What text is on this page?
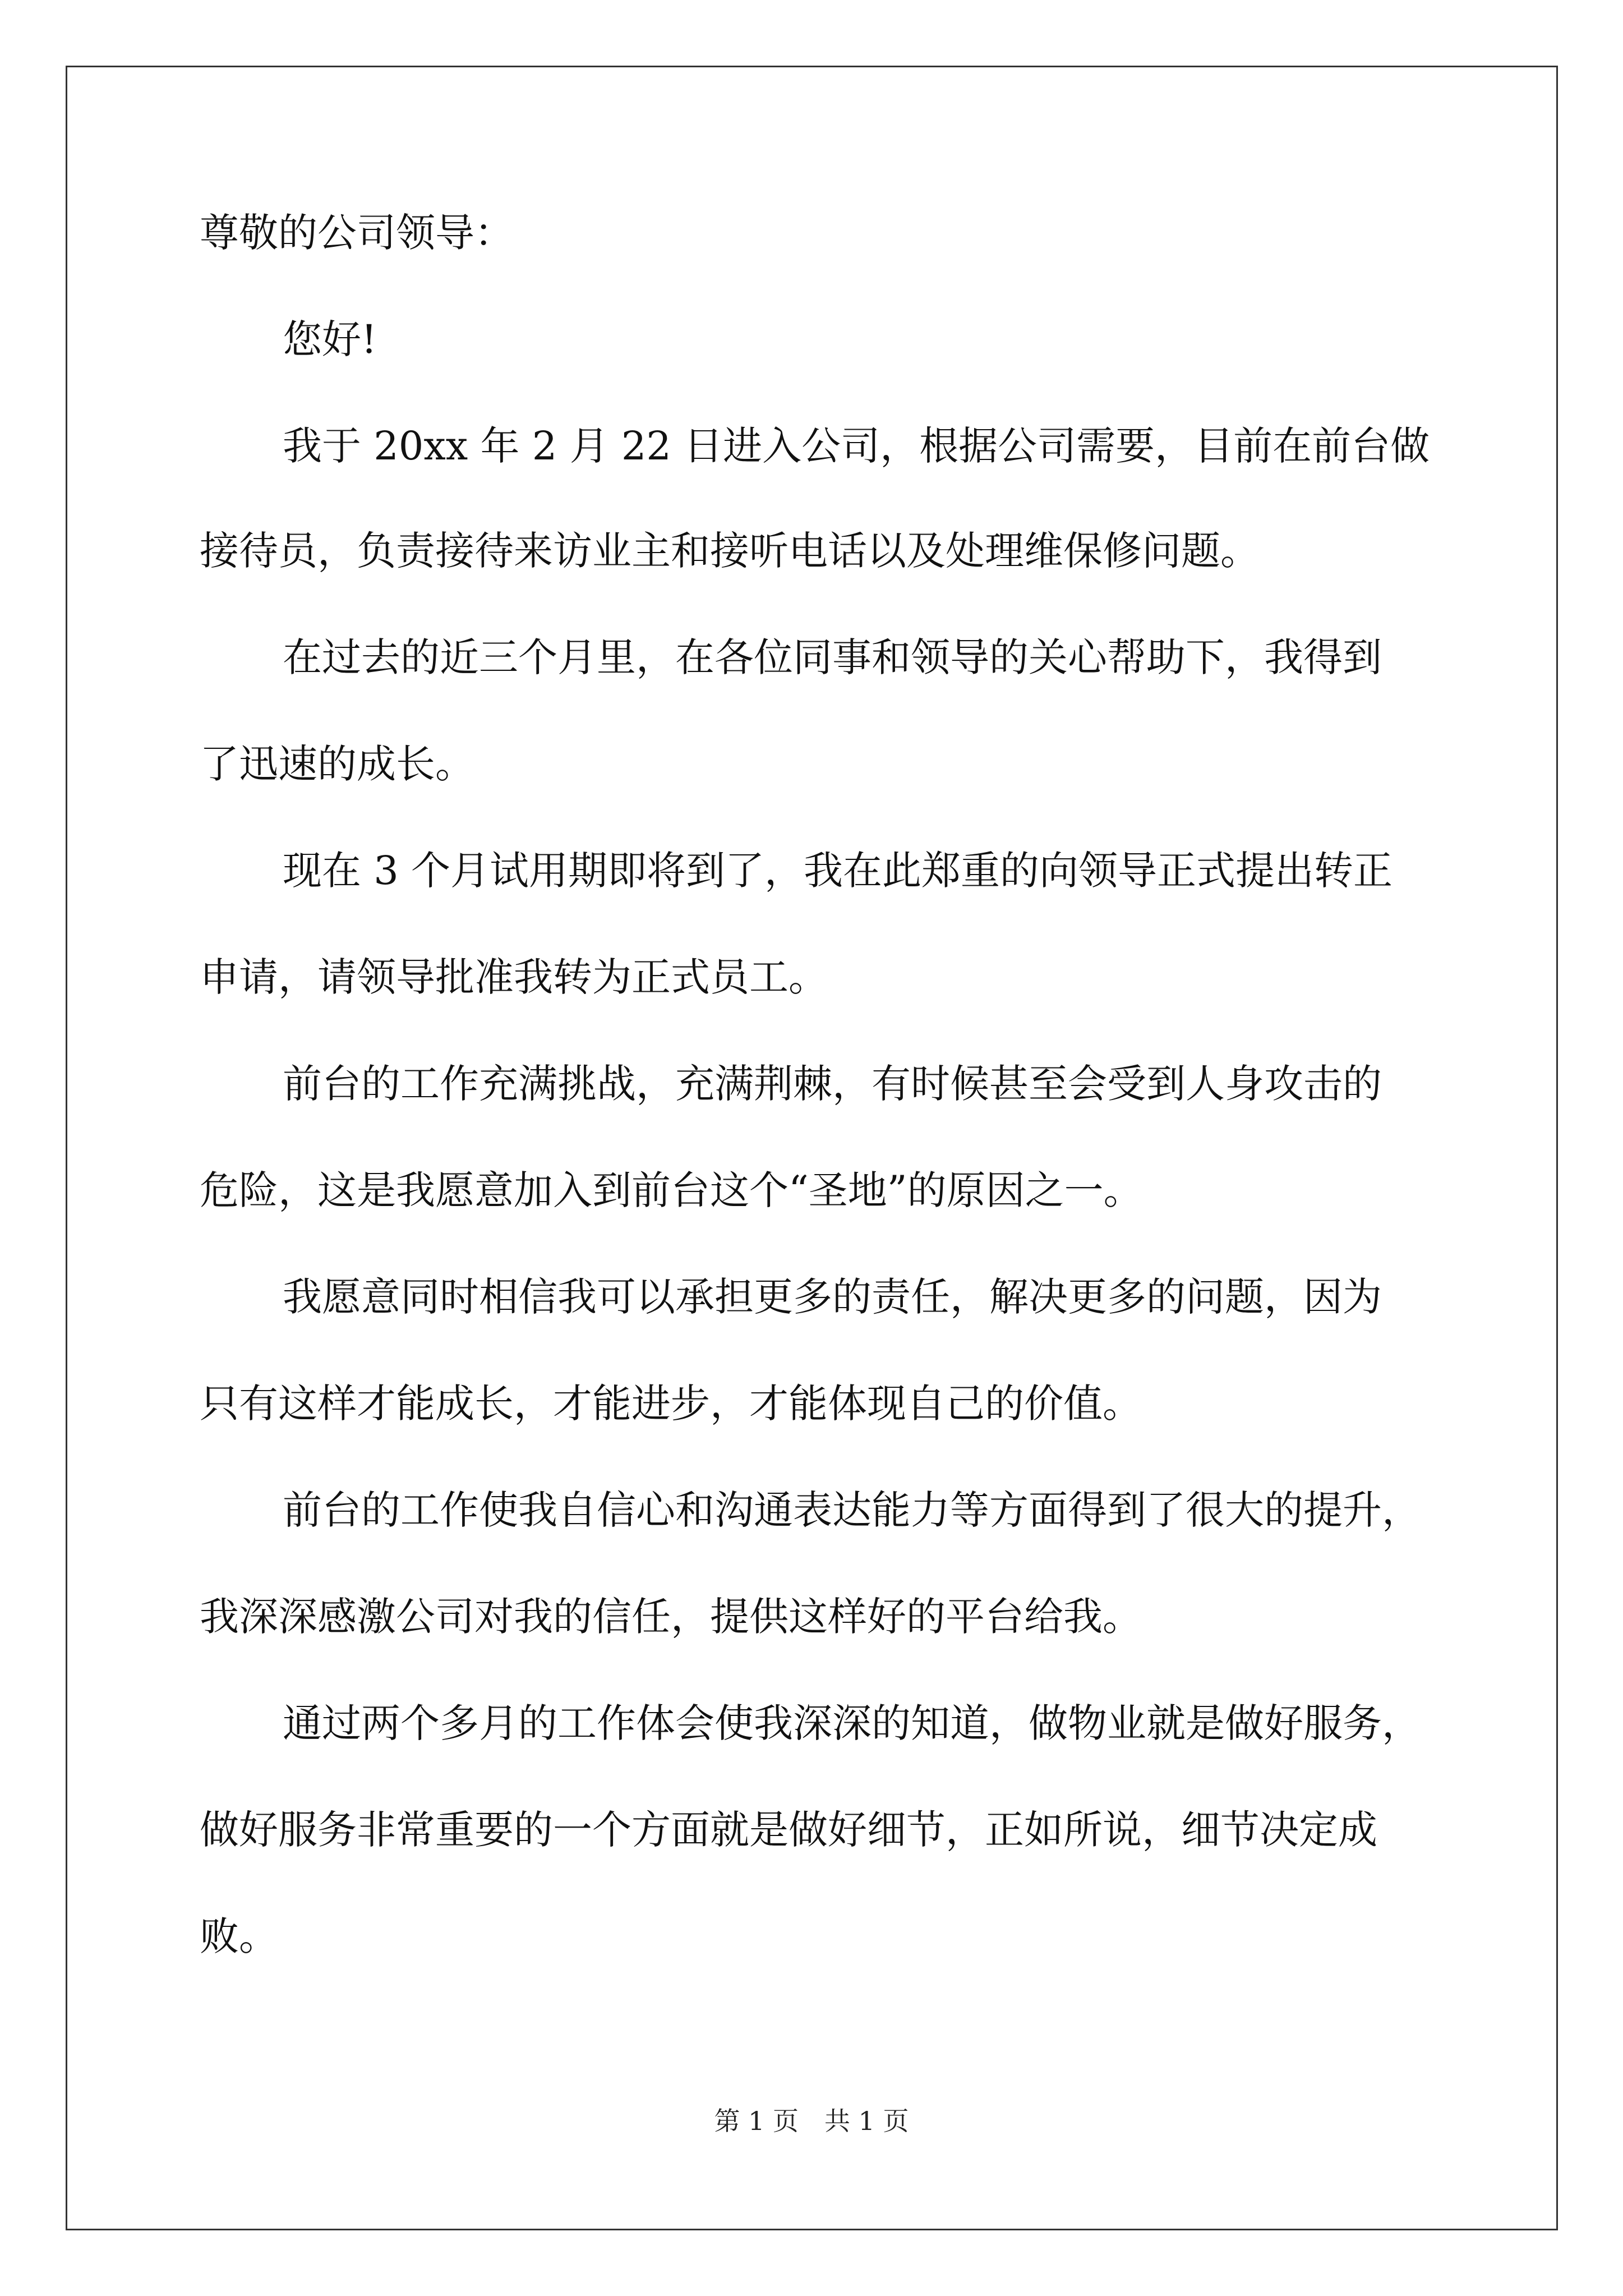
尊敬的公司领导：
您好!
我于 20xx 年 2 月 22 日进入公司，根据公司需要，目前在前台做
接待员，负责接待来访业主和接听电话以及处理维保修问题。
在过去的近三个月里，在各位同事和领导的关心帮助下，我得到
了迅速的成长。
现在 3 个月试用期即将到了，我在此郑重的向领导正式提出转正
申请，请领导批准我转为正式员工。
前台的工作充满挑战，充满荆棘，有时候甚至会受到人身攻击的
危险，这是我愿意加入到前台这个“圣地”的原因之一。
我愿意同时相信我可以承担更多的责任，解决更多的问题，因为
只有这样才能成长，才能进步，才能体现自己的价值。
前台的工作使我自信心和沟通表达能力等方面得到了很大的提升，
我深深感激公司对我的信任，提供这样好的平台给我。
通过两个多月的工作体会使我深深的知道，做物业就是做好服务，
做好服务非常重要的一个方面就是做好细节，正如所说，细节决定成
败。
第 1 页　共 1 页
